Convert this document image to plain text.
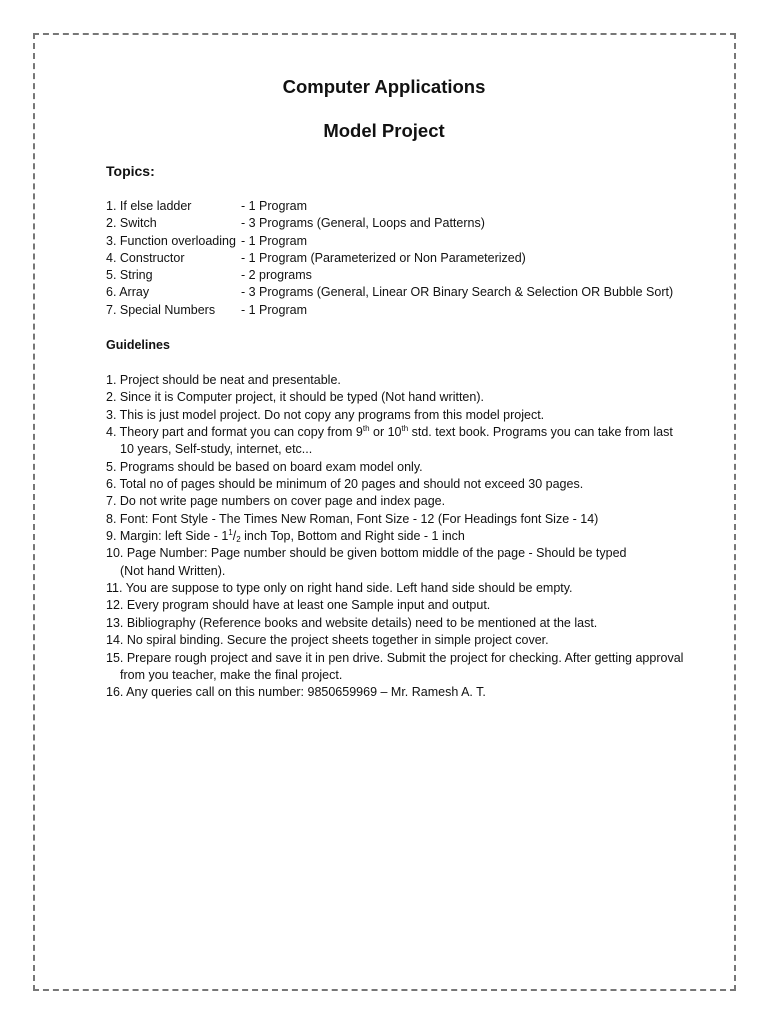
Computer Applications
Model Project
Topics:
1. If else ladder	- 1 Program
2. Switch	- 3 Programs (General, Loops and Patterns)
3. Function overloading - 1 Program
4. Constructor	- 1 Program (Parameterized or Non Parameterized)
5. String	- 2 programs
6. Array	- 3 Programs (General, Linear OR Binary Search & Selection OR Bubble Sort)
7. Special Numbers - 1 Program
Guidelines
1. Project should be neat and presentable.
2. Since it is Computer project, it should be typed (Not hand written).
3. This is just model project. Do not copy any programs from this model project.
4. Theory part and format you can copy from 9th or 10th std. text book. Programs you can take from last
10 years, Self-study, internet, etc...
5. Programs should be based on board exam model only.
6. Total no of pages should be minimum of 20 pages and should not exceed 30 pages.
7. Do not write page numbers on cover page and index page.
8. Font: Font Style - The Times New Roman, Font Size - 12 (For Headings font Size - 14)
9. Margin: left Side - $1^1/_2$ inch Top, Bottom and Right side - 1 inch
10. Page Number: Page number should be given bottom middle of the page - Should be typed
(Not hand Written).
11. You are suppose to type only on right hand side. Left hand side should be empty.
12. Every program should have at least one Sample input and output.
13. Bibliography (Reference books and website details) need to be mentioned at the last.
14. No spiral binding. Secure the project sheets together in simple project cover.
15. Prepare rough project and save it in pen drive. Submit the project for checking. After getting approval
from you teacher, make the final project.
16. Any queries call on this number: 9850659969 – Mr. Ramesh A. T.
